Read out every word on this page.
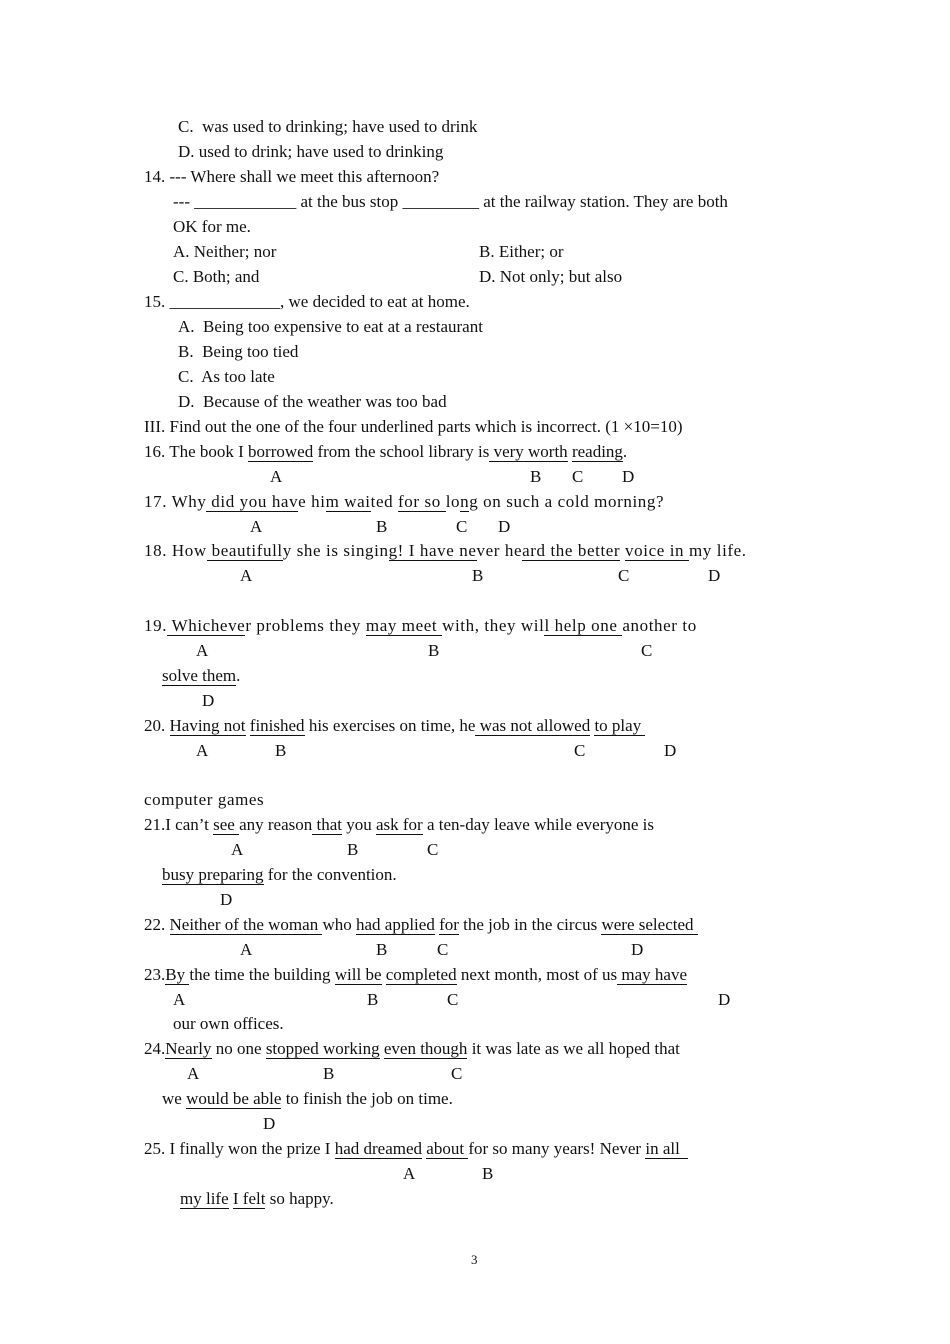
C.  was used to drinking; have used to drink
D. used to drink; have used to drinking
14. --- Where shall we meet this afternoon?
--- ____________ at the bus stop _________ at the railway station. They are both
OK for me.
A. Neither; nor	B. Either; or
C. Both; and	D. Not only; but also
15. _____________, we decided to eat at home.
A.  Being too expensive to eat at a restaurant
B.  Being too tied
C.  As too late
D.  Because of the weather was too bad
III. Find out the one of the four underlined parts which is incorrect. (1 ×10=10)
16. The book I borrowed from the school library is very worth reading.
A	B C D
17. Why did you have him waited for so long on such a cold morning?
A	B	C D
18. How beautifully she is singing! I have never heard the better voice in my life.
A	B	C	D
19. Whichever problems they may meet with, they will help one another to
A	B	C
solve them.
D
20. Having not finished his exercises on time, he was not allowed to play
A	B	C	D
computer games
21.I can’t see any reason that you ask for a ten-day leave while everyone is
A	B	C
busy preparing for the convention.
D
22. Neither of the woman who had applied for the job in the circus were selected
A	B	C	D
23.By the time the building will be completed next month, most of us may have
A	B	C	D
our own offices.
24.Nearly no one stopped working even though it was late as we all hoped that
A	B	C
we would be able to finish the job on time.
D
25. I finally won the prize I had dreamed about for so many years! Never in all
A	B
my life I felt so happy.
3
